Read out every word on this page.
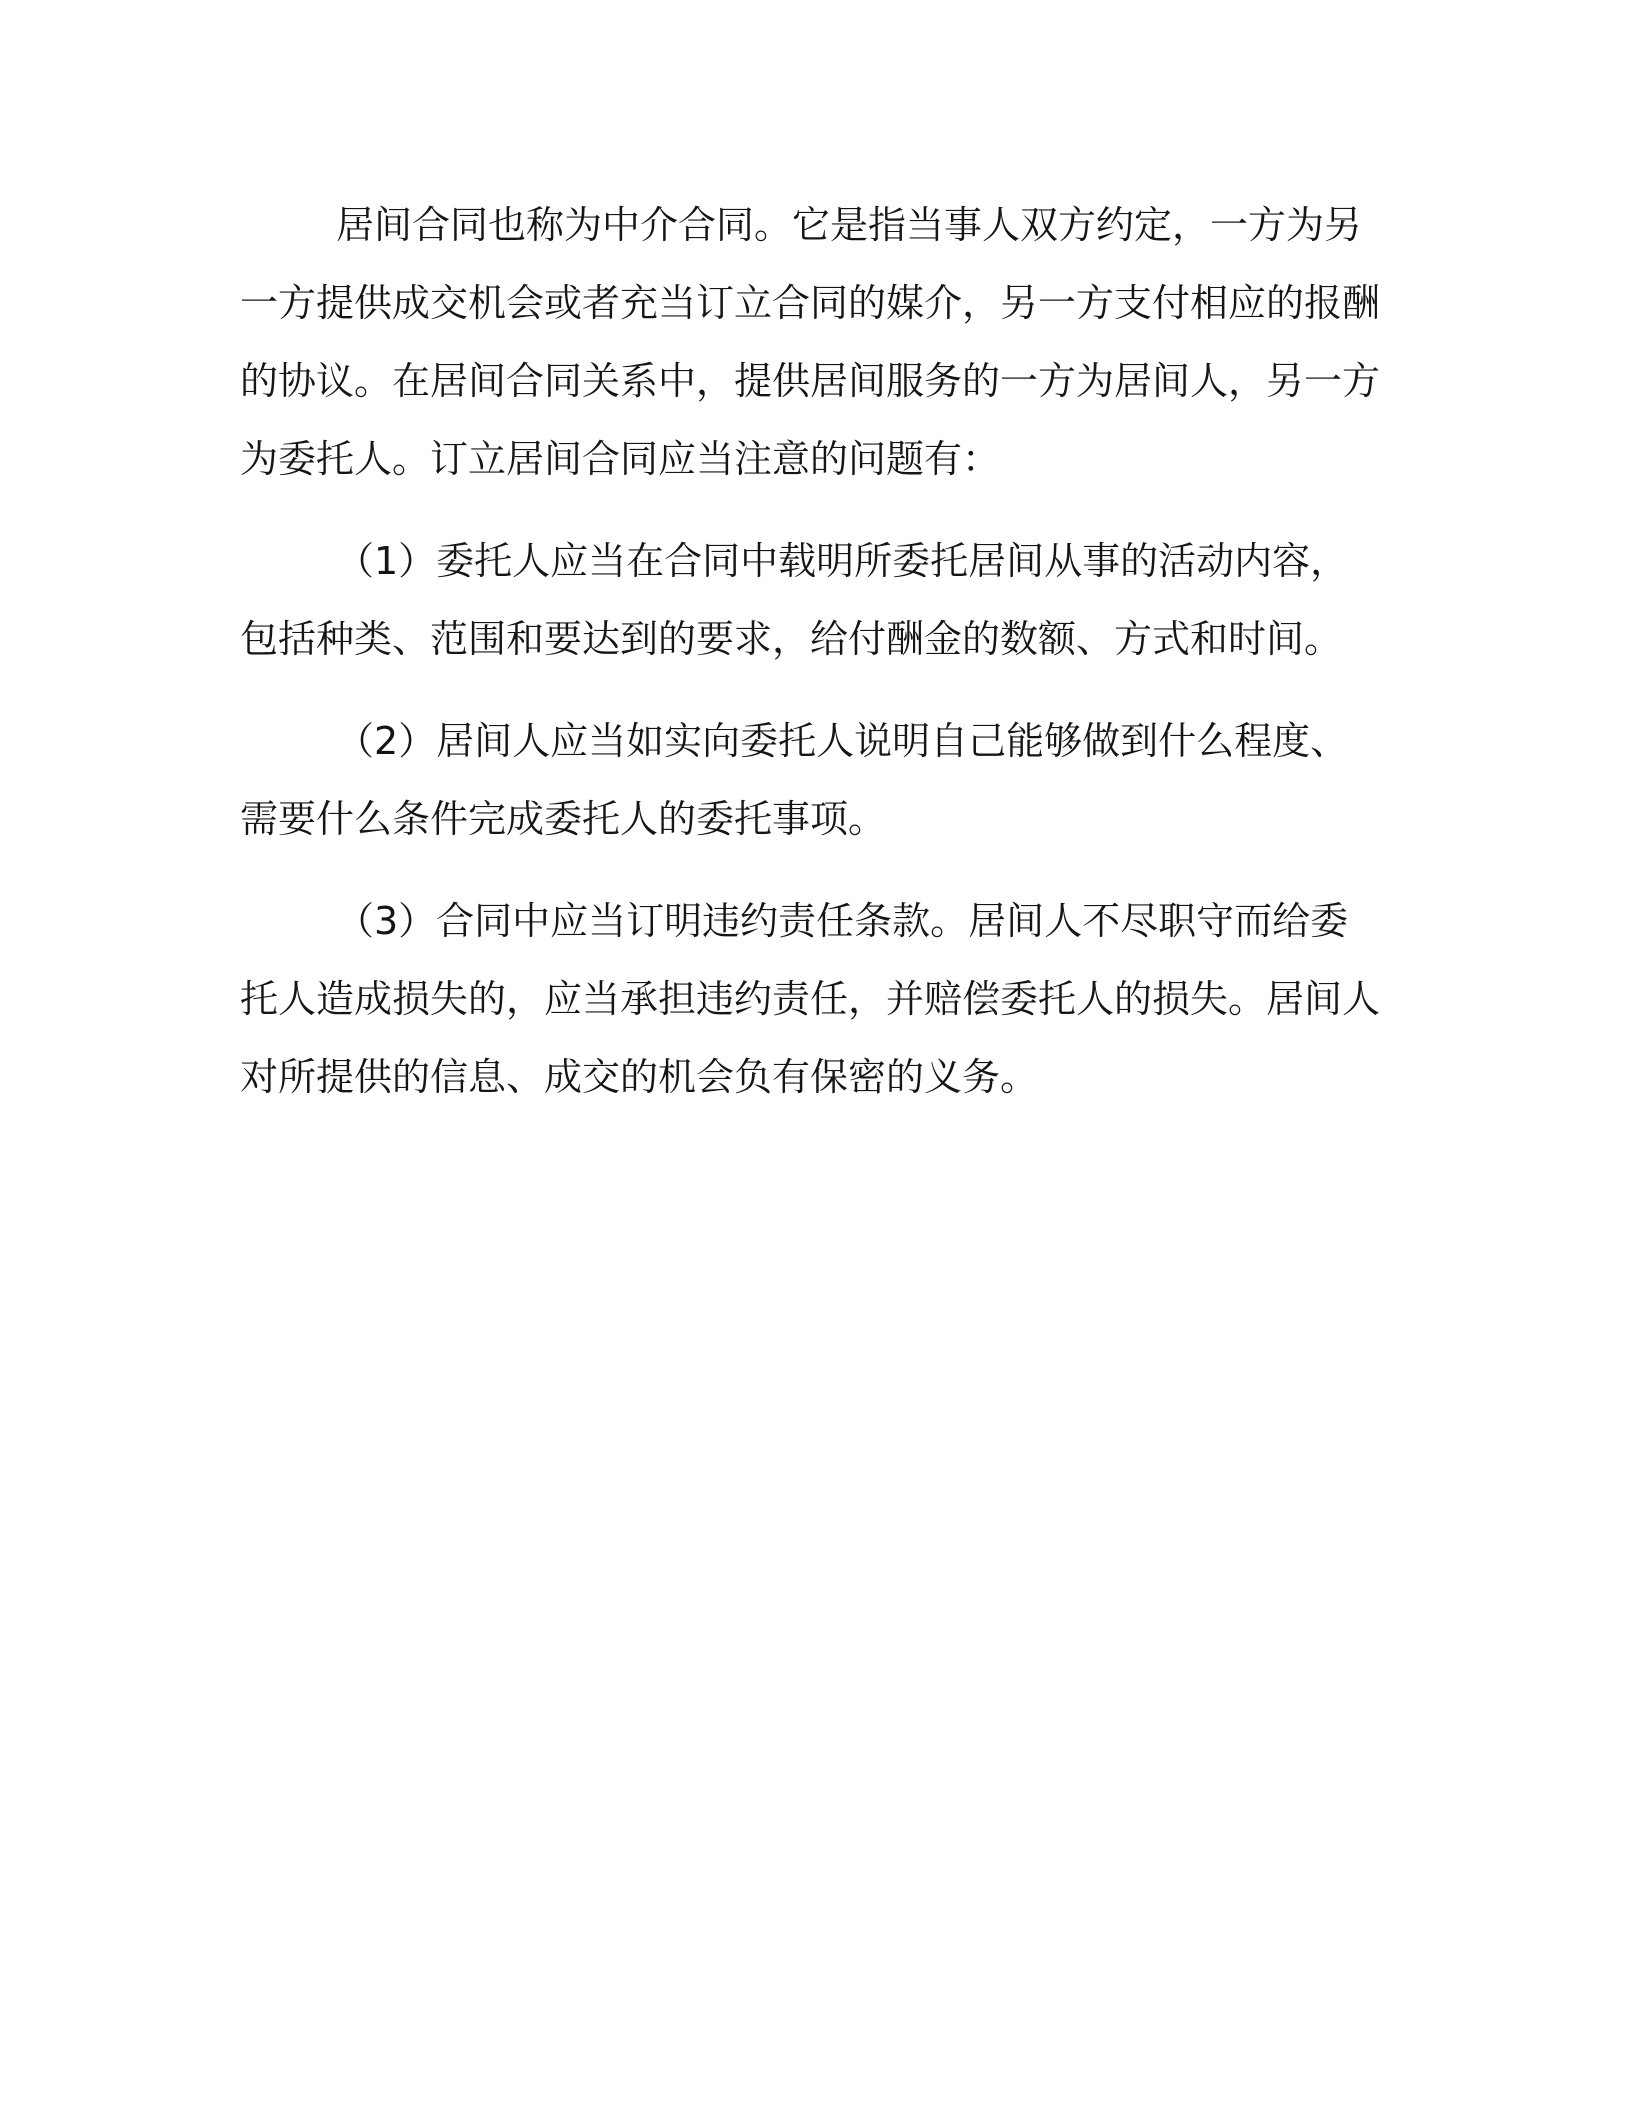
居间合同也称为中介合同。它是指当事人双方约定，一方为另一方提供成交机会或者充当订立合同的媒介，另一方支付相应的报酬的协议。在居间合同关系中，提供居间服务的一方为居间人，另一方为委托人。订立居间合同应当注意的问题有：

（1）委托人应当在合同中载明所委托居间从事的活动内容，包括种类、范围和要达到的要求，给付酬金的数额、方式和时间。

（2）居间人应当如实向委托人说明自己能够做到什么程度、需要什么条件完成委托人的委托事项。

（3）合同中应当订明违约责任条款。居间人不尽职守而给委托人造成损失的，应当承担违约责任，并赔偿委托人的损失。居间人对所提供的信息、成交的机会负有保密的义务。
